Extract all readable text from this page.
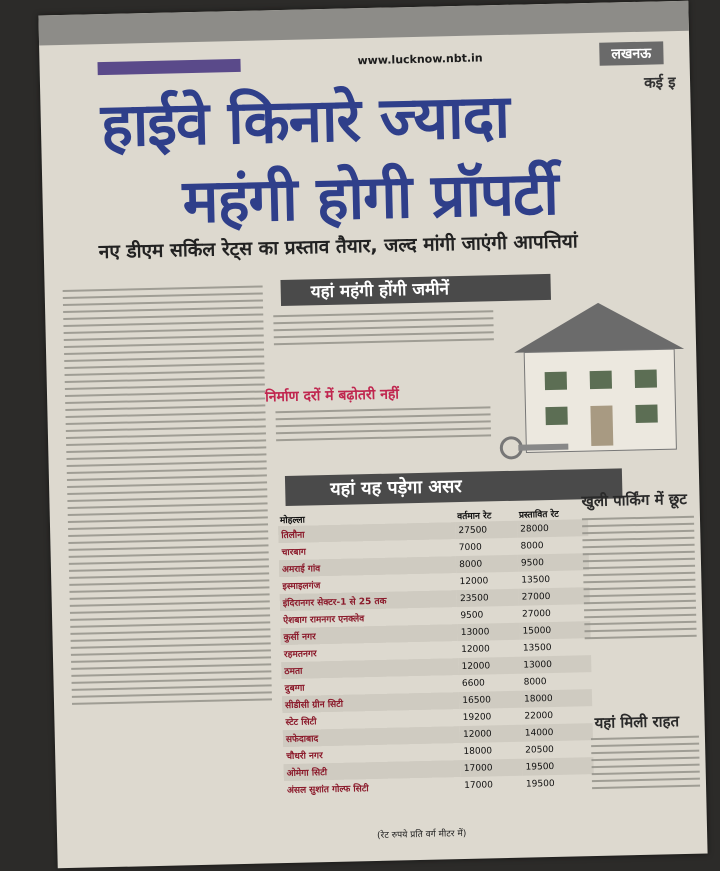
www.lucknow.nbt.in	लखनऊ
हाईवे किनारे ज्यादा
महंगी होगी प्रॉपर्टी
नए डीएम सर्किल रेट्स का प्रस्ताव तैयार, जल्द मांगी जाएंगी आपत्तियां
कई इ
यहां महंगी होंगी जमीनें
निर्माण दरों में बढ़ोतरी नहीं
यहां यह पड़ेगा असर
मोहल्ला	वर्तमान रेट	प्रस्तावित रेट
तिलौना	27500	28000
चारबाग	7000	8000
अमराई गांव	8000	9500
इस्माइलगंज	12000	13500
इंदिरानगर सेक्टर-1 से 25 तक	23500	27000
ऐशबाग रामनगर एनक्लेव	9500	27000
कुर्सी नगर	13000	15000
रहमतनगर	12000	13500
ठमता	12000	13000
दुबग्गा	6600	8000
सीडीसी ग्रीन सिटी	16500	18000
स्टेट सिटी	19200	22000
सफेदाबाद	12000	14000
चौधरी नगर	18000	20500
ओमेगा सिटी	17000	19500
अंसल सुशांत गोल्फ सिटी	17000	19500
(रेट रुपये प्रति वर्ग मीटर में)
खुली पार्किंग में छूट
यहां मिली राहत
